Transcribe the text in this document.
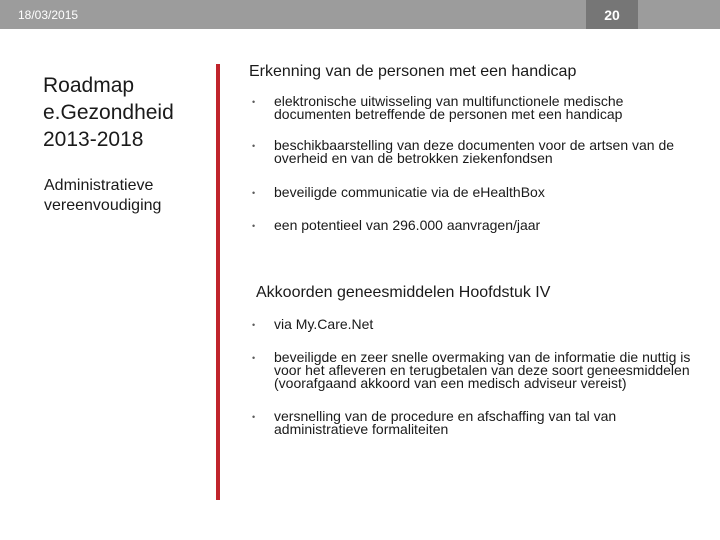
18/03/2015	20
Roadmap e.Gezondheid 2013-2018
Administratieve vereenvoudiging
Erkenning van de personen met een handicap
• elektronische uitwisseling van multifunctionele medische documenten betreffende de personen met een handicap
• beschikbaarstelling van deze documenten voor de artsen van de overheid en van de betrokken ziekenfondsen
• beveiligde communicatie via de eHealthBox
• een potentieel van 296.000 aanvragen/jaar
Akkoorden geneesmiddelen Hoofdstuk IV
• via My.Care.Net
• beveiligde en zeer snelle overmaking van de informatie die nuttig is voor het afleveren en terugbetalen van deze soort geneesmiddelen (voorafgaand akkoord van een medisch adviseur vereist)
• versnelling van de procedure en afschaffing van tal van administratieve formaliteiten
